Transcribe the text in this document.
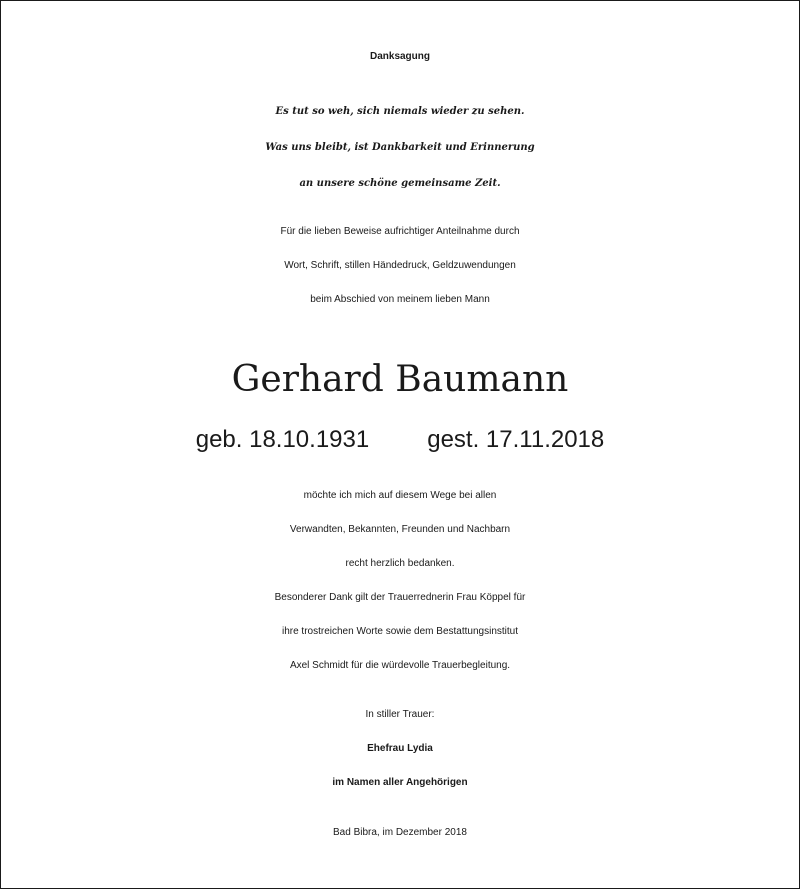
Danksagung
Es tut so weh, sich niemals wieder zu sehen.
Was uns bleibt, ist Dankbarkeit und Erinnerung
an unsere schöne gemeinsame Zeit.
Für die lieben Beweise aufrichtiger Anteilnahme durch
Wort, Schrift, stillen Händedruck, Geldzuwendungen
beim Abschied von meinem lieben Mann
Gerhard Baumann
geb. 18.10.1931 gest. 17.11.2018
möchte ich mich auf diesem Wege bei allen
Verwandten, Bekannten, Freunden und Nachbarn
recht herzlich bedanken.
Besonderer Dank gilt der Trauerrednerin Frau Köppel für
ihre trostreichen Worte sowie dem Bestattungsinstitut
Axel Schmidt für die würdevolle Trauerbegleitung.
In stiller Trauer:
Ehefrau Lydia
im Namen aller Angehörigen
Bad Bibra, im Dezember 2018
